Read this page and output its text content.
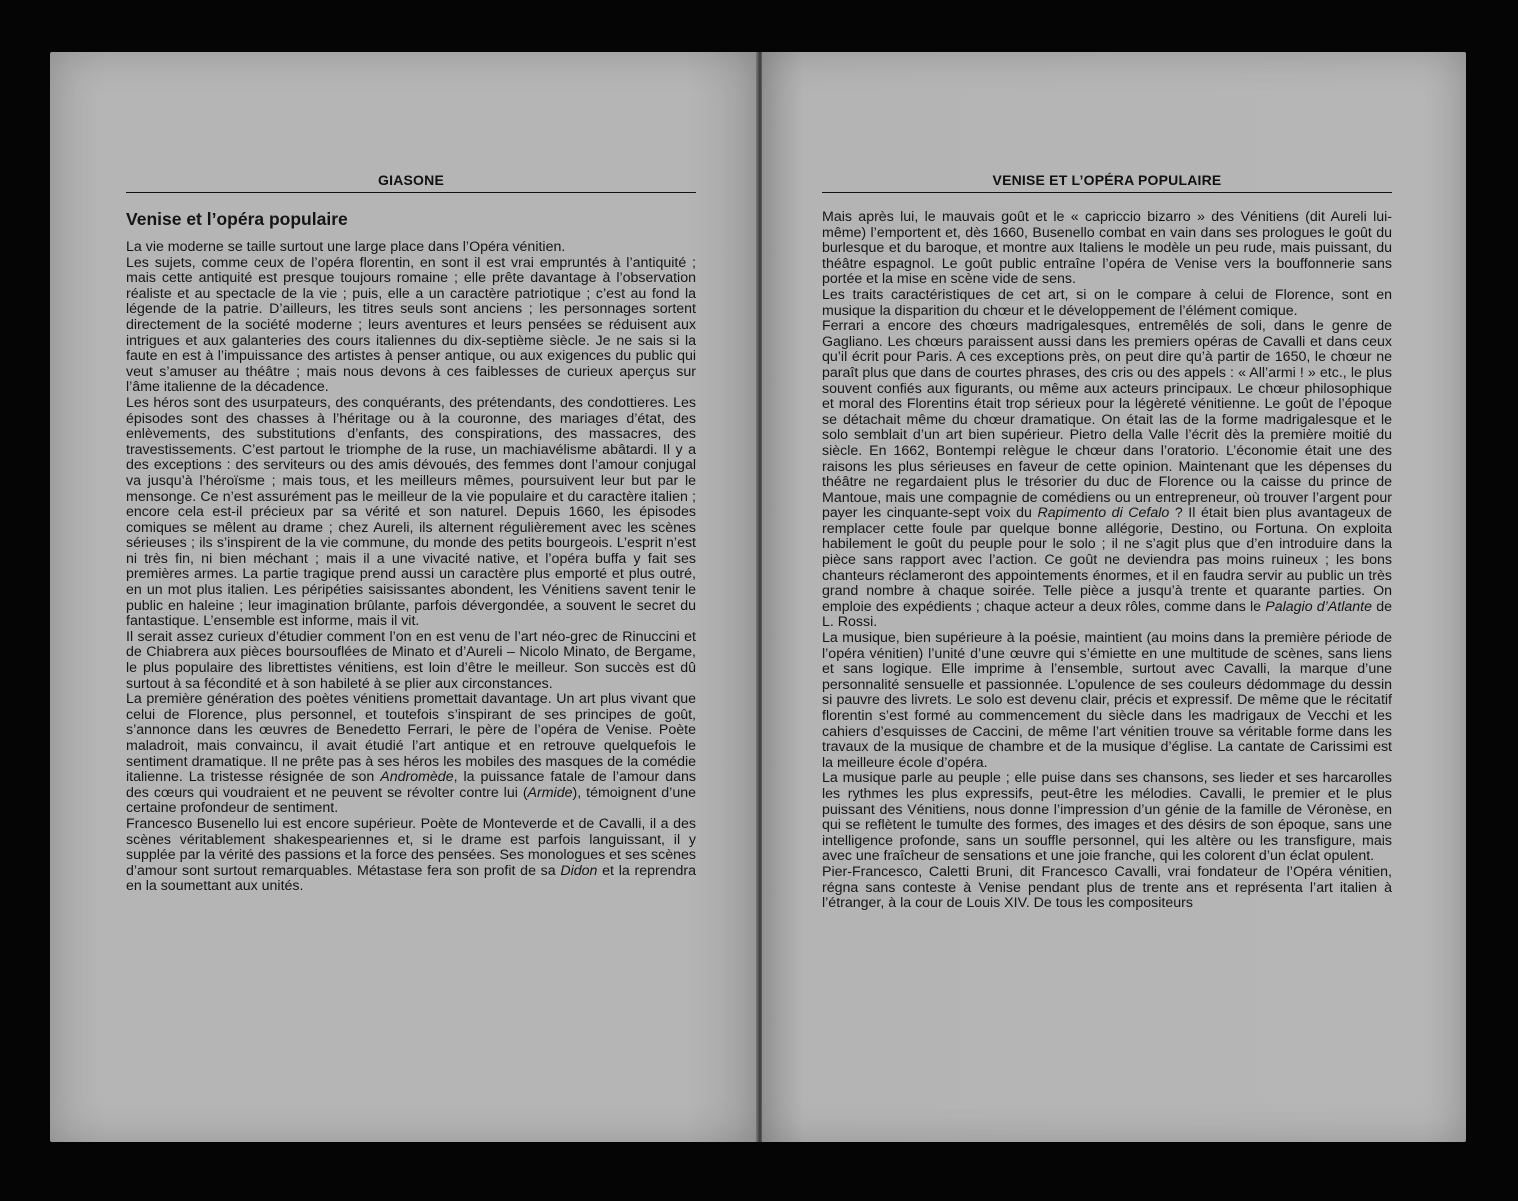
GIASONE
Venise et l’opéra populaire

La vie moderne se taille surtout une large place dans l’Opéra vénitien.

Les sujets, comme ceux de l’opéra florentin, en sont il est vrai empruntés à l’antiquité ; mais cette antiquité est presque toujours romaine ; elle prête davantage à l’observation réaliste et au spectacle de la vie ; puis, elle a un caractère patriotique ; c’est au fond la légende de la patrie. D’ailleurs, les titres seuls sont anciens ; les personnages sortent directement de la société moderne ; leurs aventures et leurs pensées se réduisent aux intrigues et aux galanteries des cours italiennes du dix-septième siècle. Je ne sais si la faute en est à l’impuissance des artistes à penser antique, ou aux exigences du public qui veut s’amuser au théâtre ; mais nous devons à ces faiblesses de curieux aperçus sur l’âme italienne de la décadence.

Les héros sont des usurpateurs, des conquérants, des prétendants, des condottieres. Les épisodes sont des chasses à l’héritage ou à la couronne, des mariages d’état, des enlèvements, des substitutions d’enfants, des conspirations, des massacres, des travestissements. C’est partout le triomphe de la ruse, un machiavélisme abâtardi. Il y a des exceptions : des serviteurs ou des amis dévoués, des femmes dont l’amour conjugal va jusqu’à l’héroïsme ; mais tous, et les meilleurs mêmes, poursuivent leur but par le mensonge. Ce n’est assurément pas le meilleur de la vie populaire et du caractère italien ; encore cela est-il précieux par sa vérité et son naturel. Depuis 1660, les épisodes comiques se mêlent au drame ; chez Aureli, ils alternent régulièrement avec les scènes sérieuses ; ils s’inspirent de la vie commune, du monde des petits bourgeois. L’esprit n’est ni très fin, ni bien méchant ; mais il a une vivacité native, et l’opéra buffa y fait ses premières armes. La partie tragique prend aussi un caractère plus emporté et plus outré, en un mot plus italien. Les péripéties saisissantes abondent, les Vénitiens savent tenir le public en haleine ; leur imagination brûlante, parfois dévergondée, a souvent le secret du fantastique. L’ensemble est informe, mais il vit.

Il serait assez curieux d’étudier comment l’on en est venu de l’art néo-grec de Rinuccini et de Chiabrera aux pièces boursouflées de Minato et d’Aureli – Nicolo Minato, de Bergame, le plus populaire des librettistes vénitiens, est loin d’être le meilleur. Son succès est dû surtout à sa fécondité et à son habileté à se plier aux circonstances.

La première génération des poètes vénitiens promettait davantage. Un art plus vivant que celui de Florence, plus personnel, et toutefois s’inspirant de ses principes de goût, s’annonce dans les œuvres de Benedetto Ferrari, le père de l’opéra de Venise. Poète maladroit, mais convaincu, il avait étudié l’art antique et en retrouve quelquefois le sentiment dramatique. Il ne prête pas à ses héros les mobiles des masques de la comédie italienne. La tristesse résignée de son Andromède, la puissance fatale de l’amour dans des cœurs qui voudraient et ne peuvent se révolter contre lui (Armide), témoignent d’une certaine profondeur de sentiment.

Francesco Busenello lui est encore supérieur. Poète de Monteverde et de Cavalli, il a des scènes véritablement shakespeariennes et, si le drame est parfois languissant, il y supplée par la vérité des passions et la force des pensées. Ses monologues et ses scènes d’amour sont surtout remarquables. Métastase fera son profit de sa Didon et la reprendra en la soumettant aux unités.

VENISE ET L’OPÉRA POPULAIRE

Mais après lui, le mauvais goût et le « capriccio bizarro » des Vénitiens (dit Aureli lui-même) l’emportent et, dès 1660, Busenello combat en vain dans ses prologues le goût du burlesque et du baroque, et montre aux Italiens le modèle un peu rude, mais puissant, du théâtre espagnol. Le goût public entraîne l’opéra de Venise vers la bouffonnerie sans portée et la mise en scène vide de sens.

Les traits caractéristiques de cet art, si on le compare à celui de Florence, sont en musique la disparition du chœur et le développement de l’élément comique.

Ferrari a encore des chœurs madrigalesques, entremêlés de soli, dans le genre de Gagliano. Les chœurs paraissent aussi dans les premiers opéras de Cavalli et dans ceux qu’il écrit pour Paris. A ces exceptions près, on peut dire qu’à partir de 1650, le chœur ne paraît plus que dans de courtes phrases, des cris ou des appels : « All’armi ! » etc., le plus souvent confiés aux figurants, ou même aux acteurs principaux. Le chœur philosophique et moral des Florentins était trop sérieux pour la légèreté vénitienne. Le goût de l’époque se détachait même du chœur dramatique. On était las de la forme madrigalesque et le solo semblait d’un art bien supérieur. Pietro della Valle l’écrit dès la première moitié du siècle. En 1662, Bontempi relègue le chœur dans l’oratorio. L’économie était une des raisons les plus sérieuses en faveur de cette opinion. Maintenant que les dépenses du théâtre ne regardaient plus le trésorier du duc de Florence ou la caisse du prince de Mantoue, mais une compagnie de comédiens ou un entrepreneur, où trouver l’argent pour payer les cinquante-sept voix du Rapimento di Cefalo ? Il était bien plus avantageux de remplacer cette foule par quelque bonne allégorie, Destino, ou Fortuna. On exploita habilement le goût du peuple pour le solo ; il ne s’agit plus que d’en introduire dans la pièce sans rapport avec l’action. Ce goût ne deviendra pas moins ruineux ; les bons chanteurs réclameront des appointements énormes, et il en faudra servir au public un très grand nombre à chaque soirée. Telle pièce a jusqu’à trente et quarante parties. On emploie des expédients ; chaque acteur a deux rôles, comme dans le Palagio d’Atlante de L. Rossi.

La musique, bien supérieure à la poésie, maintient (au moins dans la première période de l’opéra vénitien) l’unité d’une œuvre qui s’émiette en une multitude de scènes, sans liens et sans logique. Elle imprime à l’ensemble, surtout avec Cavalli, la marque d’une personnalité sensuelle et passionnée. L’opulence de ses couleurs dédommage du dessin si pauvre des livrets. Le solo est devenu clair, précis et expressif. De même que le récitatif florentin s’est formé au commencement du siècle dans les madrigaux de Vecchi et les cahiers d’esquisses de Caccini, de même l’art vénitien trouve sa véritable forme dans les travaux de la musique de chambre et de la musique d’église. La cantate de Carissimi est la meilleure école d’opéra.

La musique parle au peuple ; elle puise dans ses chansons, ses lieder et ses harcarolles les rythmes les plus expressifs, peut-être les mélodies. Cavalli, le premier et le plus puissant des Vénitiens, nous donne l’impression d’un génie de la famille de Véronèse, en qui se reflètent le tumulte des formes, des images et des désirs de son époque, sans une intelligence profonde, sans un souffle personnel, qui les altère ou les transfigure, mais avec une fraîcheur de sensations et une joie franche, qui les colorent d’un éclat opulent.

Pier-Francesco, Caletti Bruni, dit Francesco Cavalli, vrai fondateur de l’Opéra vénitien, régna sans conteste à Venise pendant plus de trente ans et représenta l’art italien à l’étranger, à la cour de Louis XIV. De tous les compositeurs
